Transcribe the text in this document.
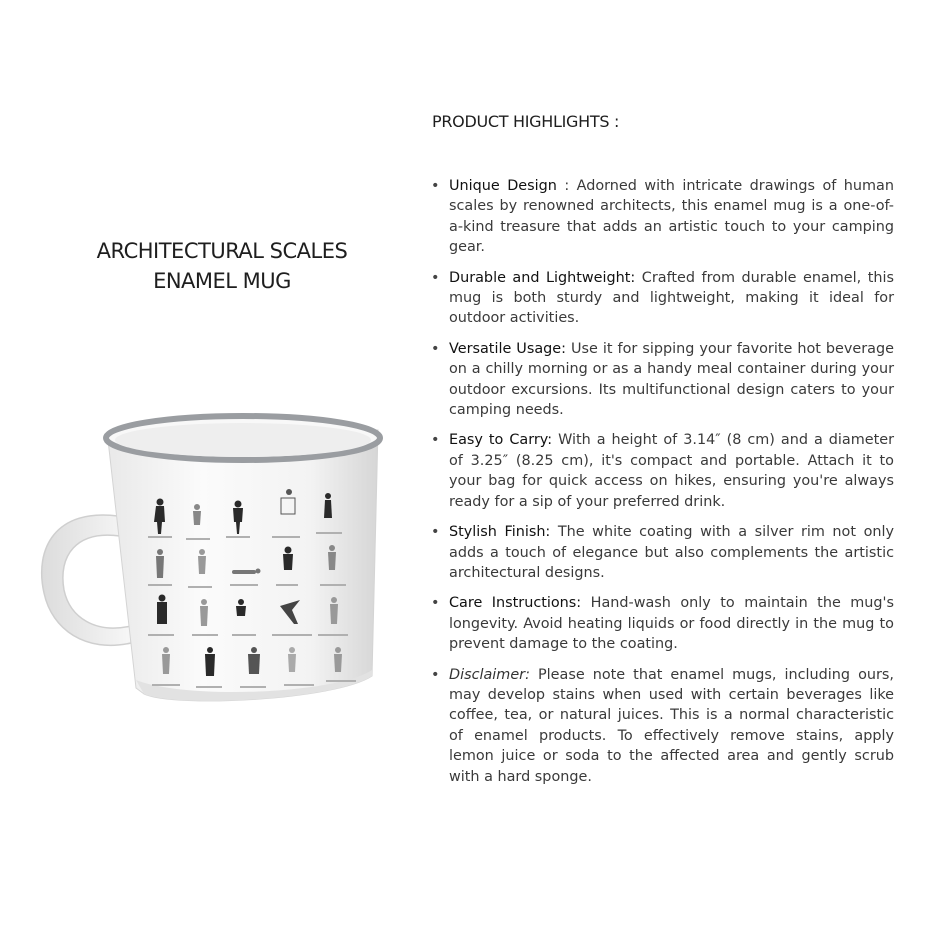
ARCHITECTURAL SCALES
ENAMEL MUG
PRODUCT HIGHLIGHTS :
• Unique Design : Adorned with intricate drawings of human scales by renowned architects, this enamel mug is a one-of-a-kind treasure that adds an artistic touch to your camping gear.
• Durable and Lightweight: Crafted from durable enamel, this mug is both sturdy and lightweight, making it ideal for outdoor activities.
• Versatile Usage: Use it for sipping your favorite hot beverage on a chilly morning or as a handy meal container during your outdoor excursions. Its multifunctional design caters to your camping needs.
• Easy to Carry: With a height of 3.14″ (8 cm) and a diameter of 3.25″ (8.25 cm), it's compact and portable. Attach it to your bag for quick access on hikes, ensuring you're always ready for a sip of your preferred drink.
• Stylish Finish: The white coating with a silver rim not only adds a touch of elegance but also complements the artistic architectural designs.
• Care Instructions: Hand-wash only to maintain the mug's longevity. Avoid heating liquids or food directly in the mug to prevent damage to the coating.
• Disclaimer: Please note that enamel mugs, including ours, may develop stains when used with certain beverages like coffee, tea, or natural juices. This is a normal characteristic of enamel products. To effectively remove stains, apply lemon juice or soda to the affected area and gently scrub with a hard sponge.
